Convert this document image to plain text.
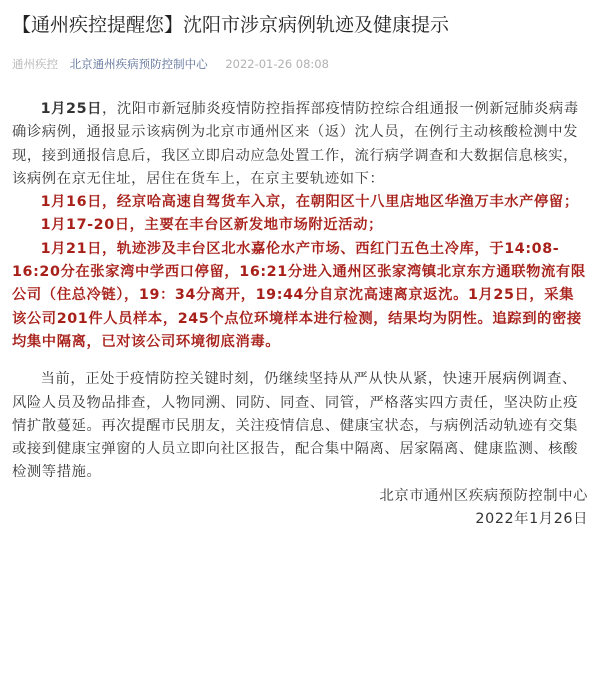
【通州疾控提醒您】沈阳市涉京病例轨迹及健康提示
通州疾控 北京通州疾病预防控制中心 2022-01-26 08:08

1月25日，沈阳市新冠肺炎疫情防控指挥部疫情防控综合组通报一例新冠肺炎病毒确诊病例，通报显示该病例为北京市通州区来（返）沈人员，在例行主动核酸检测中发现，接到通报信息后，我区立即启动应急处置工作，流行病学调查和大数据信息核实，该病例在京无住址，居住在货车上，在京主要轨迹如下：

1月16日，经京哈高速自驾货车入京，在朝阳区十八里店地区华渔万丰水产停留；

1月17-20日，主要在丰台区新发地市场附近活动；

1月21日，轨迹涉及丰台区北水嘉伦水产市场、西红门五色土冷库，于14:08-16:20分在张家湾中学西口停留，16:21分进入通州区张家湾镇北京东方通联物流有限公司（住总冷链），19：34分离开，19:44分自京沈高速离京返沈。1月25日，采集该公司201件人员样本，245个点位环境样本进行检测，结果均为阴性。追踪到的密接均集中隔离，已对该公司环境彻底消毒。

当前，正处于疫情防控关键时刻，仍继续坚持从严从快从紧，快速开展病例调查、风险人员及物品排查，人物同溯、同防、同查、同管，严格落实四方责任，坚决防止疫情扩散蔓延。再次提醒市民朋友，关注疫情信息、健康宝状态，与病例活动轨迹有交集或接到健康宝弹窗的人员立即向社区报告，配合集中隔离、居家隔离、健康监测、核酸检测等措施。

北京市通州区疾病预防控制中心

2022年1月26日
